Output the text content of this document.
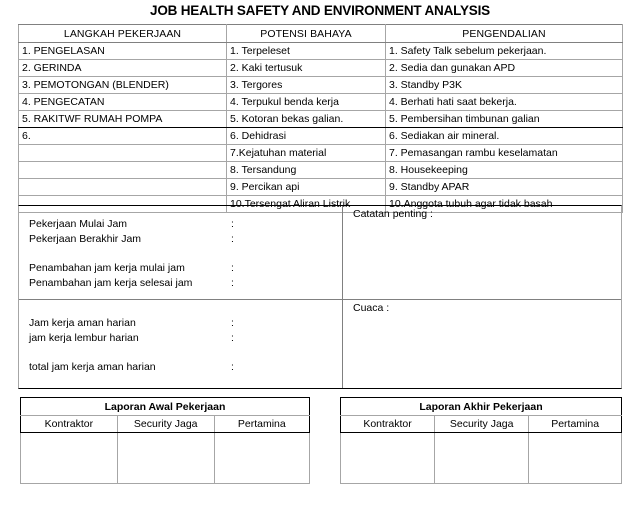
JOB HEALTH SAFETY AND ENVIRONMENT ANALYSIS
LANGKAH PEKERJAAN	POTENSI BAHAYA	PENGENDALIAN
1. PENGELASAN	1. Terpeleset	1. Safety Talk sebelum pekerjaan.
2. GERINDA	2. Kaki tertusuk	2. Sedia dan gunakan APD
3. PEMOTONGAN (BLENDER)	3. Tergores	3. Standby P3K
4. PENGECATAN	4. Terpukul benda kerja	4. Berhati hati saat bekerja.
5. RAKITWF RUMAH POMPA	5. Kotoran bekas galian.	5. Pembersihan timbunan galian
6.	6. Dehidrasi	6. Sediakan air mineral.
	7.Kejatuhan material	7. Pemasangan rambu keselamatan
	8. Tersandung	8. Housekeeping
	9. Percikan api	9. Standby APAR
	10.Tersengat Aliran Listrik	10.Anggota tubuh agar tidak basah
Pekerjaan Mulai Jam	:
Pekerjaan Berakhir Jam	:
Penambahan jam kerja mulai jam	:
Penambahan jam kerja selesai jam	:
Jam kerja aman harian	:
jam kerja lembur harian	:
total jam kerja aman harian	:
Catatan penting :
Cuaca :
Laporan Awal Pekerjaan		
Kontraktor	Security Jaga	Pertamina

Laporan Akhir Pekerjaan		
Kontraktor	Security Jaga	Pertamina
